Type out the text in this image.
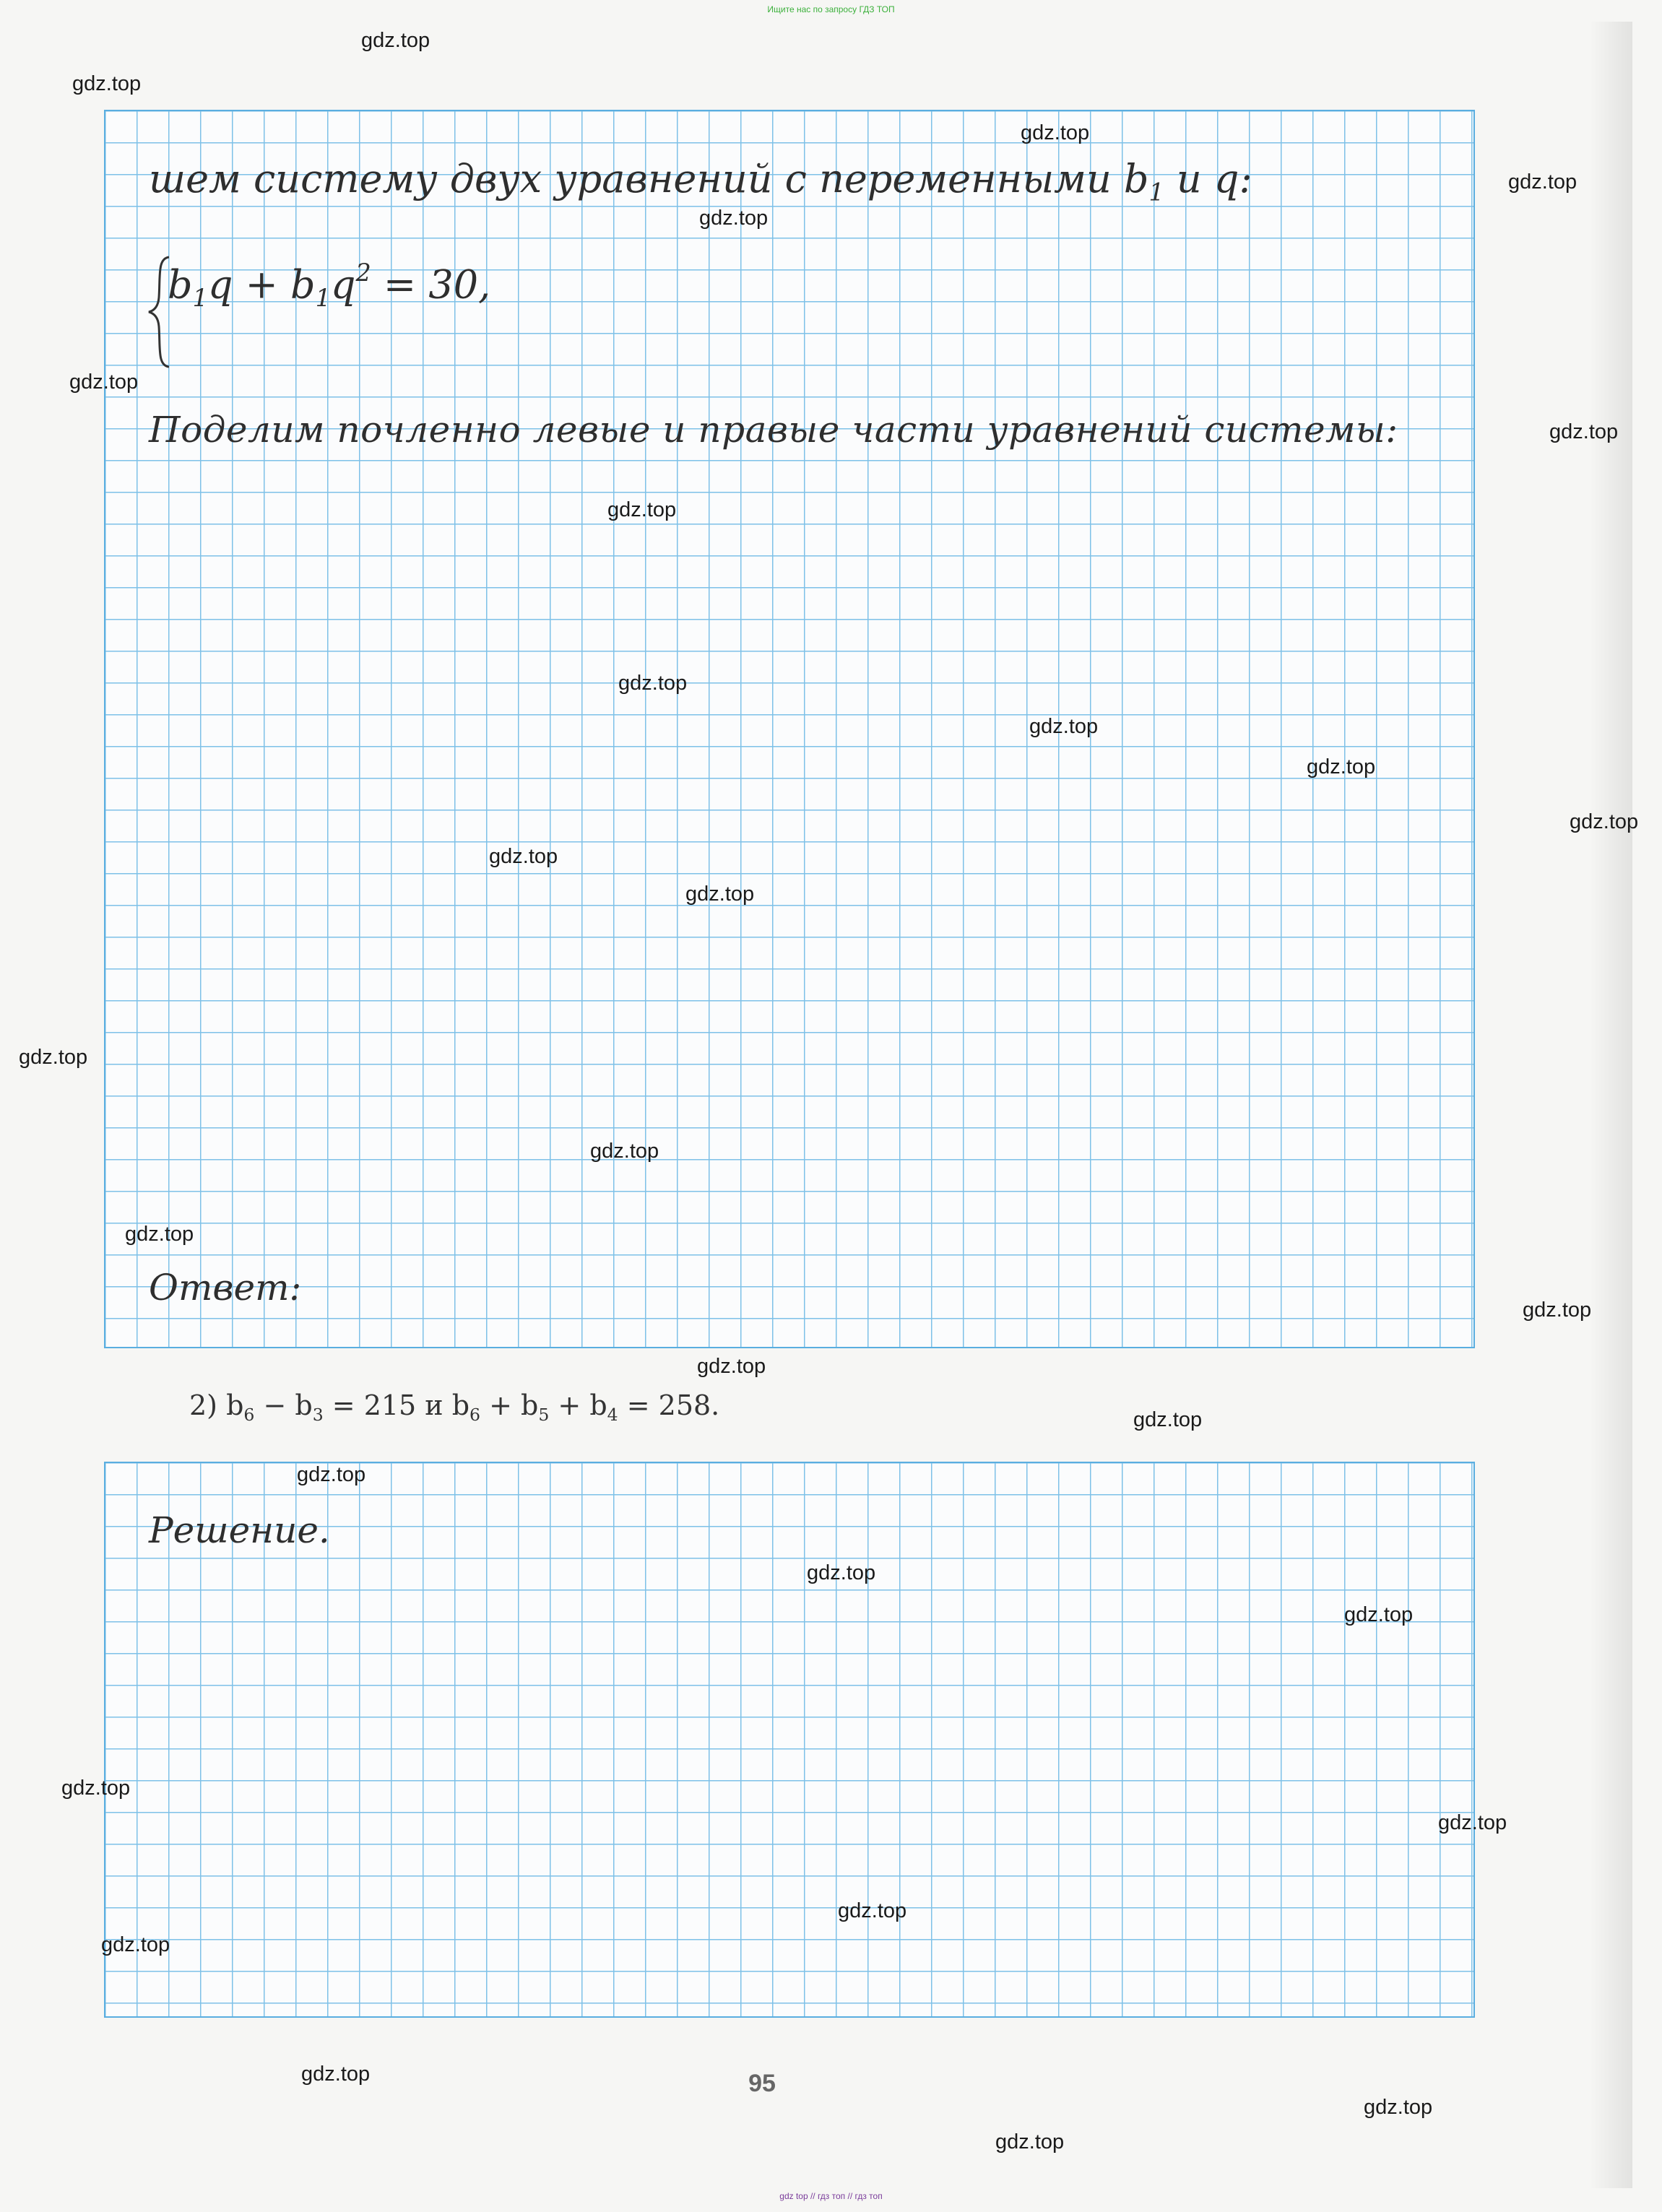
Ищите нас по запросу ГДЗ ТОП
шем систему двух уравнений с переменными $b_1$ и q:
$b_1q + b_1q^2 = 30$,
Поделим почленно левые и правые части уравнений системы:
Ответ:
2) $b_6 - b_3 = 215$ и $b_6 + b_5 + b_4 = 258$.
Решение.
95
gdz top // гдз топ // гдз топ
gdz.top
gdz.top
gdz.top
gdz.top
gdz.top
gdz.top
gdz.top
gdz.top
gdz.top
gdz.top
gdz.top
gdz.top
gdz.top
gdz.top
gdz.top
gdz.top
gdz.top
gdz.top
gdz.top
gdz.top
gdz.top
gdz.top
gdz.top
gdz.top
gdz.top
gdz.top
gdz.top
gdz.top
gdz.top
gdz.top
